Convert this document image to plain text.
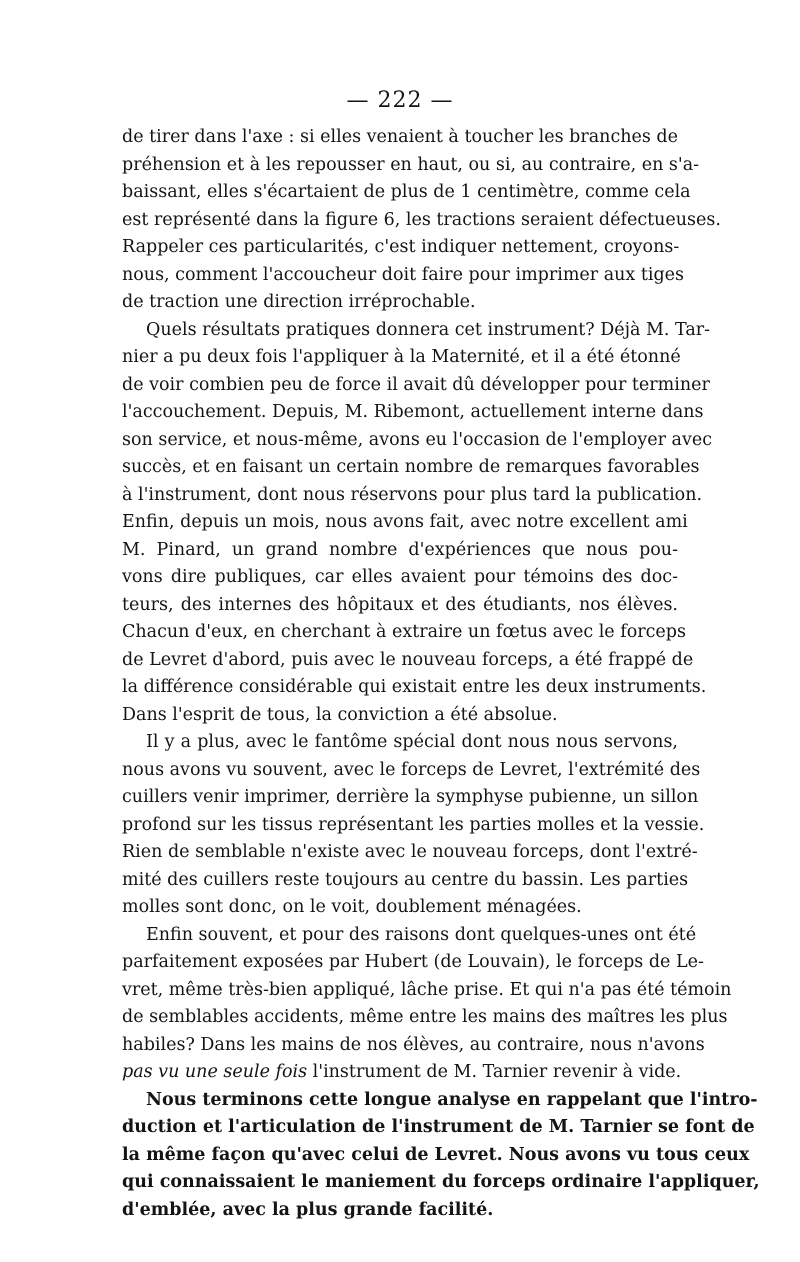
— 222 —
de tirer dans l'axe : si elles venaient à toucher les branches de
préhension et à les repousser en haut, ou si, au contraire, en s'a-
baissant, elles s'écartaient de plus de 1 centimètre, comme cela
est représenté dans la figure 6, les tractions seraient défectueuses.
Rappeler ces particularités, c'est indiquer nettement, croyons-
nous, comment l'accoucheur doit faire pour imprimer aux tiges
de traction une direction irréprochable.
Quels résultats pratiques donnera cet instrument? Déjà M. Tar-
nier a pu deux fois l'appliquer à la Maternité, et il a été étonné
de voir combien peu de force il avait dû développer pour terminer
l'accouchement. Depuis, M. Ribemont, actuellement interne dans
son service, et nous-même, avons eu l'occasion de l'employer avec
succès, et en faisant un certain nombre de remarques favorables
à l'instrument, dont nous réservons pour plus tard la publication.
Enfin, depuis un mois, nous avons fait, avec notre excellent ami
M. Pinard, un grand nombre d'expériences que nous pou-
vons dire publiques, car elles avaient pour témoins des doc-
teurs, des internes des hôpitaux et des étudiants, nos élèves.
Chacun d'eux, en cherchant à extraire un fœtus avec le forceps
de Levret d'abord, puis avec le nouveau forceps, a été frappé de
la différence considérable qui existait entre les deux instruments.
Dans l'esprit de tous, la conviction a été absolue.
Il y a plus, avec le fantôme spécial dont nous nous servons,
nous avons vu souvent, avec le forceps de Levret, l'extrémité des
cuillers venir imprimer, derrière la symphyse pubienne, un sillon
profond sur les tissus représentant les parties molles et la vessie.
Rien de semblable n'existe avec le nouveau forceps, dont l'extré-
mité des cuillers reste toujours au centre du bassin. Les parties
molles sont donc, on le voit, doublement ménagées.
Enfin souvent, et pour des raisons dont quelques-unes ont été
parfaitement exposées par Hubert (de Louvain), le forceps de Le-
vret, même très-bien appliqué, lâche prise. Et qui n'a pas été témoin
de semblables accidents, même entre les mains des maîtres les plus
habiles? Dans les mains de nos élèves, au contraire, nous n'avons
pas vu une seule fois l'instrument de M. Tarnier revenir à vide.
Nous terminons cette longue analyse en rappelant que l'intro-
duction et l'articulation de l'instrument de M. Tarnier se font de
la même façon qu'avec celui de Levret. Nous avons vu tous ceux
qui connaissaient le maniement du forceps ordinaire l'appliquer,
d'emblée, avec la plus grande facilité.
